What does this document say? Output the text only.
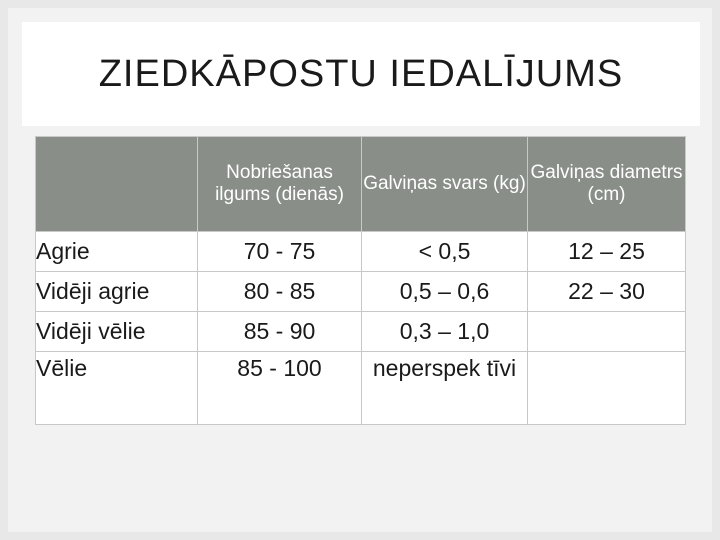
ZIEDKĀPOSTU IEDALĪJUMS
	Nobriešanas ilgums (dienās)	Galviņas svars (kg)	Galviņas diametrs (cm)
Agrie	70 - 75	< 0,5	12 – 25
Vidēji agrie	80 - 85	0,5 – 0,6	22 – 30
Vidēji vēlie	85 - 90	0,3 – 1,0	
Vēlie	85 - 100	neperspek tīvi	
